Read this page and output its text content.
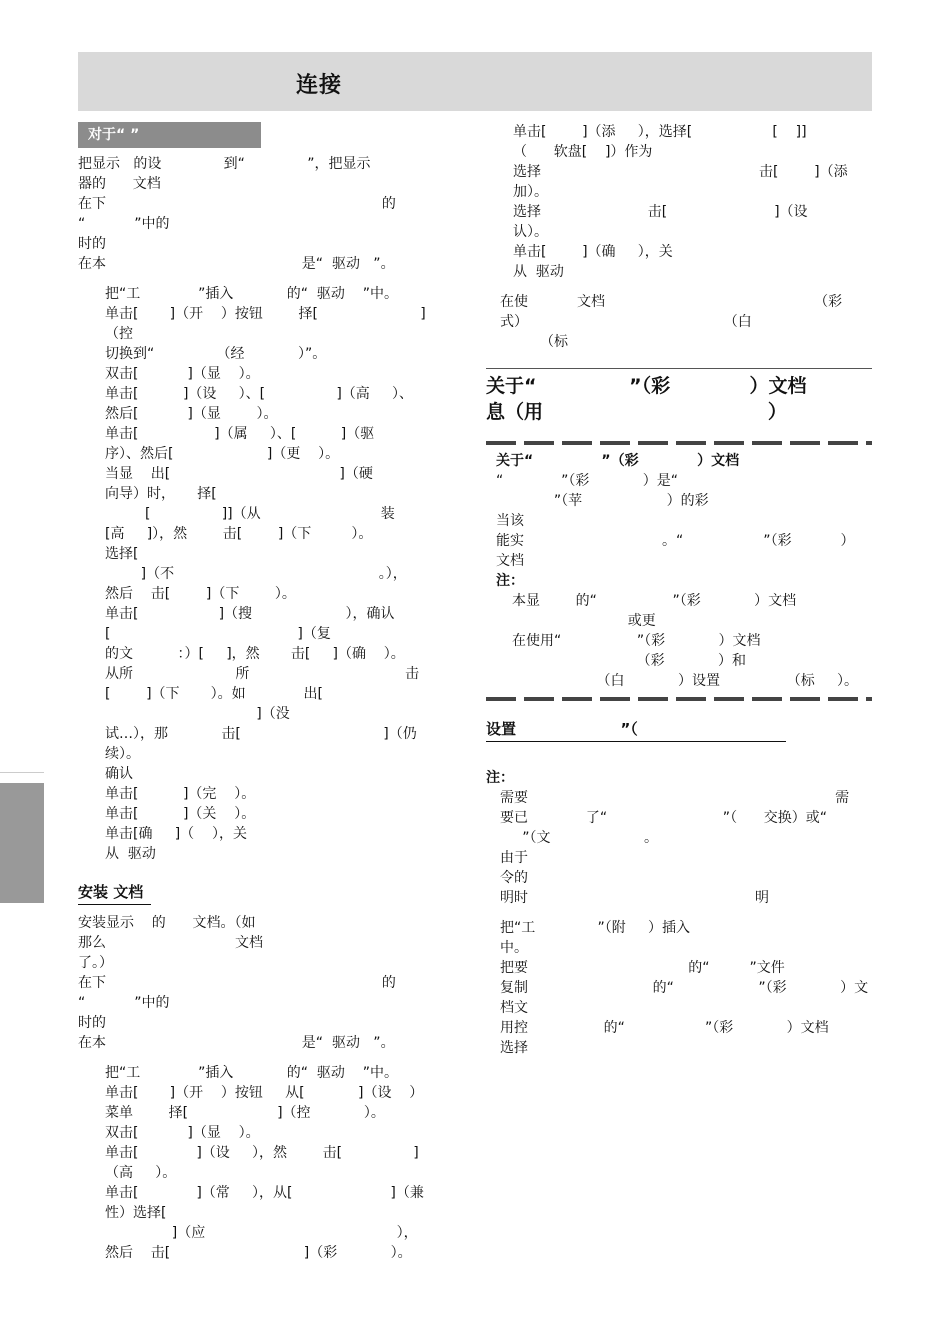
连接
对于“ ”
把显示   的设              到“              ”，把显示
器的      文档
在下                                                              的
“           ”中的
时的
在本                                            是“  驱动   ”。
把“工             ”插入            的“  驱动    ”中。
单击[       ]（开    ）按钮        择[                       ]
（控
切换到“              （经            ）”。
双击[           ]（显    ）。
单击[          ]（设     ）、[                ]（高     ）、
然后[           ]（显        ）。
单击[                 ]（属     ）、[          ]（驱
序）、然后[                     ]（更    ）。
当显    出[                                      ]（硬
向导）时，     择[
[                ]]（从                           装
[高     ]），然        击[        ]（下         ）。
选择[
]（不                                              。），
然后    击[        ]（下        ）。
单击[                  ]（搜                     ），确认
[                                          ]（复
的文          ：）[     ]，然       击[     ]（确    ）。
从所                       所                                   击
[        ]（下       ）。如             出[
]（没
试…），那            击[                                ]（仍
续）。
确认
单击[          ]（完    ）。
单击[          ]（关    ）。
单击[确     ]（    ），关
从  驱动
安装 文档
安装显示    的      文档。（如
那么                             文档
了。）
在下                                                              的
“           ”中的
时的
在本                                            是“  驱动   ”。
把“工             ”插入            的“  驱动    ”中。
单击[       ]（开    ）按钮     从[            ]（设    ）
菜单        择[                    ]（控            ）。
双击[           ]（显    ）。
单击[             ]（设     ），然        击[                ]
（高     ）。
单击[             ]（常     ），从[                      ]（兼
性）选择[
]（应                                           ），
然后    击[                              ]（彩            ）。
单击[        ]（添     ），选择[                  [    ]]
（      软盘[    ]）作为
选择                                                 击[        ]（添
加）。
选择                        击[                        ]（设
认）。
单击[        ]（确     ），关
从  驱动
在使           文档                                               （彩
式）                                            （白
（标
关于“              ”（彩            ）文档
息（用                                  ）
关于“              ”（彩            ）文档
“             ”（彩            ）是“
”（苹                   ）的彩
当该
能实                               。“                  ”（彩           ）
文档
注：
本显        的“                 ”（彩            ）文档
或更
在使用“                 ”（彩            ）文档
（彩            ）和
（白            ）设置               （标     ）。
设置                    ”（
注：
需要                                                                     需
要已             了“                          ”（      交换）或“
”（文                     。
由于
令的
明时                                                   明
把“工              ”（附     ）插入
中。
把要                                    的“         ”文件
复制                            的“                   ”（彩            ）文
档文
用控                 的“                  ”（彩            ）文档
选择
